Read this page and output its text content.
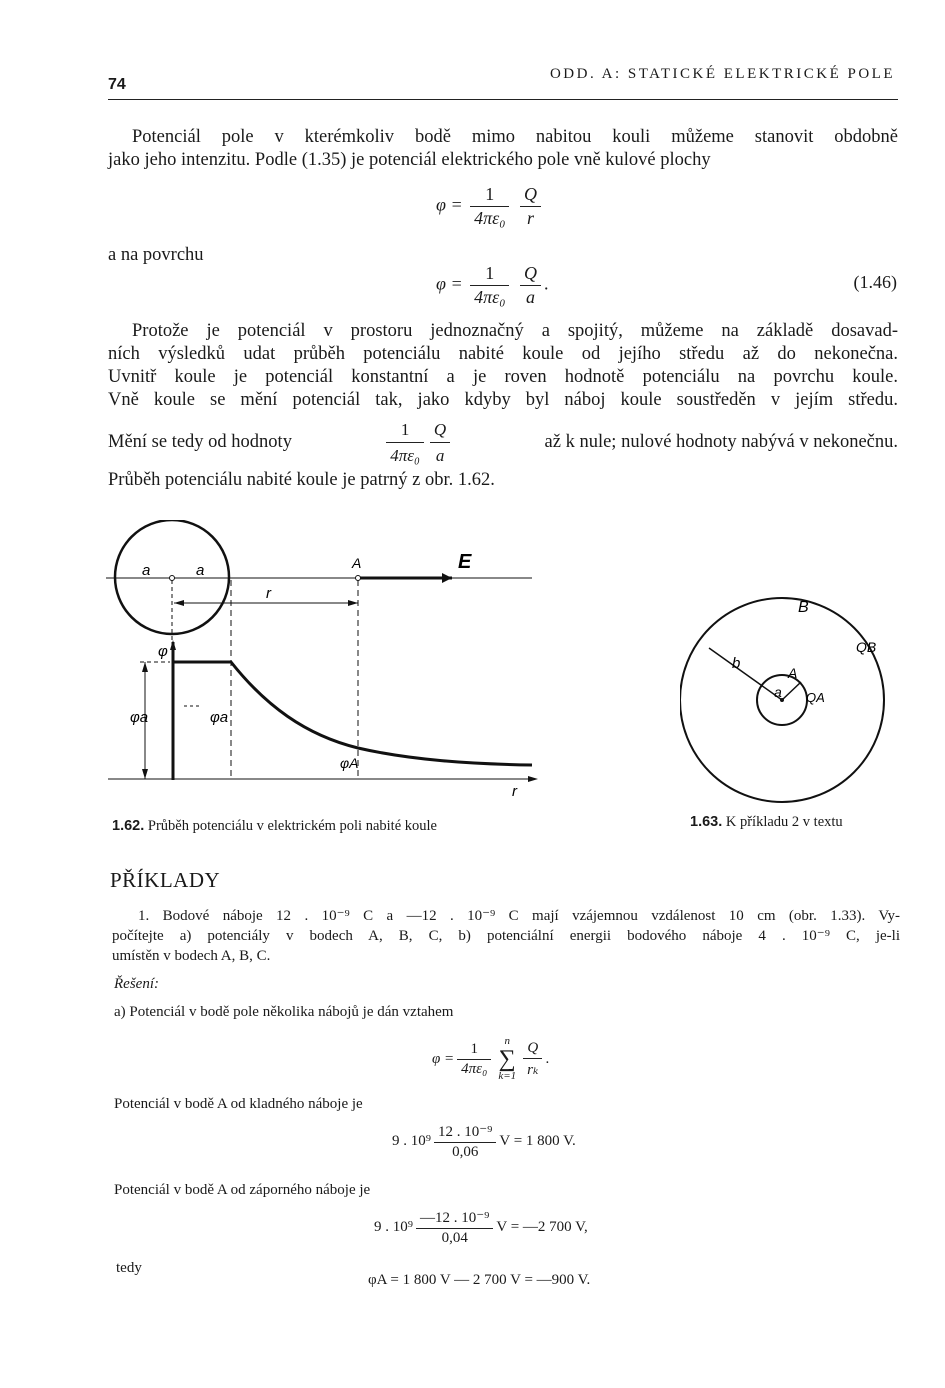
74
ODD. A: STATICKÉ ELEKTRICKÉ POLE
Potenciál pole v kterémkoliv bodě mimo nabitou kouli můžeme stanovit obdobně
jako jeho intenzitu. Podle (1.35) je potenciál elektrického pole vně kulové plochy
$\varphi = \frac{1}{\text{4πε₀}}$
$\frac{Q}{r}$
a na povrchu
$\varphi = \frac{1}{\text{4πε₀}}$
$\frac{Q}{a}$ .	(1.46)
Protože je potenciál v prostoru jednoznačný a spojitý, můžeme na základě dosavad-
ních výsledků udat průběh potenciálu nabité koule od jejího středu až do nekonečna.
Uvnitř koule je potenciál konstantní a je roven hodnotě potenciálu na povrchu koule.
Vně koule se mění potenciál tak, jako kdyby byl náboj koule soustředěn v jejím středu.
Mění se tedy od hodnoty	$\frac{1}{\text{4πε₀}} \frac{Q}{a}$	až k nule; nulové hodnoty nabývá v nekonečnu.
Průběh potenciálu nabité koule je patrný z obr. 1.62.
a	a	A	E
r
φ
r
φa	φa
φA
1.62. Průběh potenciálu v elektrickém poli nabité koule
B
QB
b
A
a QA
1.63. K příkladu 2 v textu
PŘÍKLADY
1. Bodové náboje 12 . 10⁻⁹ C a —12 . 10⁻⁹ C mají vzájemnou vzdálenost 10 cm (obr. 1.33). Vy-
počítejte a) potenciály v bodech A, B, C, b) potenciální energii bodového náboje 4 . 10⁻⁹ C, je-li
umístěn v bodech A, B, C.
Řešení:
a) Potenciál v bodě pole několika nábojů je dán vztahem
$\varphi = \frac{1}{\text{4πε₀}}$ n
∑
$k=1 \frac{Q}{\text{rₖ}}$ .
Potenciál v bodě A od kladného náboje je
9 . $10^9 \frac{\text{12 . 10⁻⁹}}{0,06}$ V = 1 800 V.
Potenciál v bodě A od záporného náboje je
9 . $10^9 \frac{\text{—12 . 10⁻⁹}}{0,04}$ V = —2 700 V,
tedy
φA = 1 800 V — 2 700 V = —900 V.
